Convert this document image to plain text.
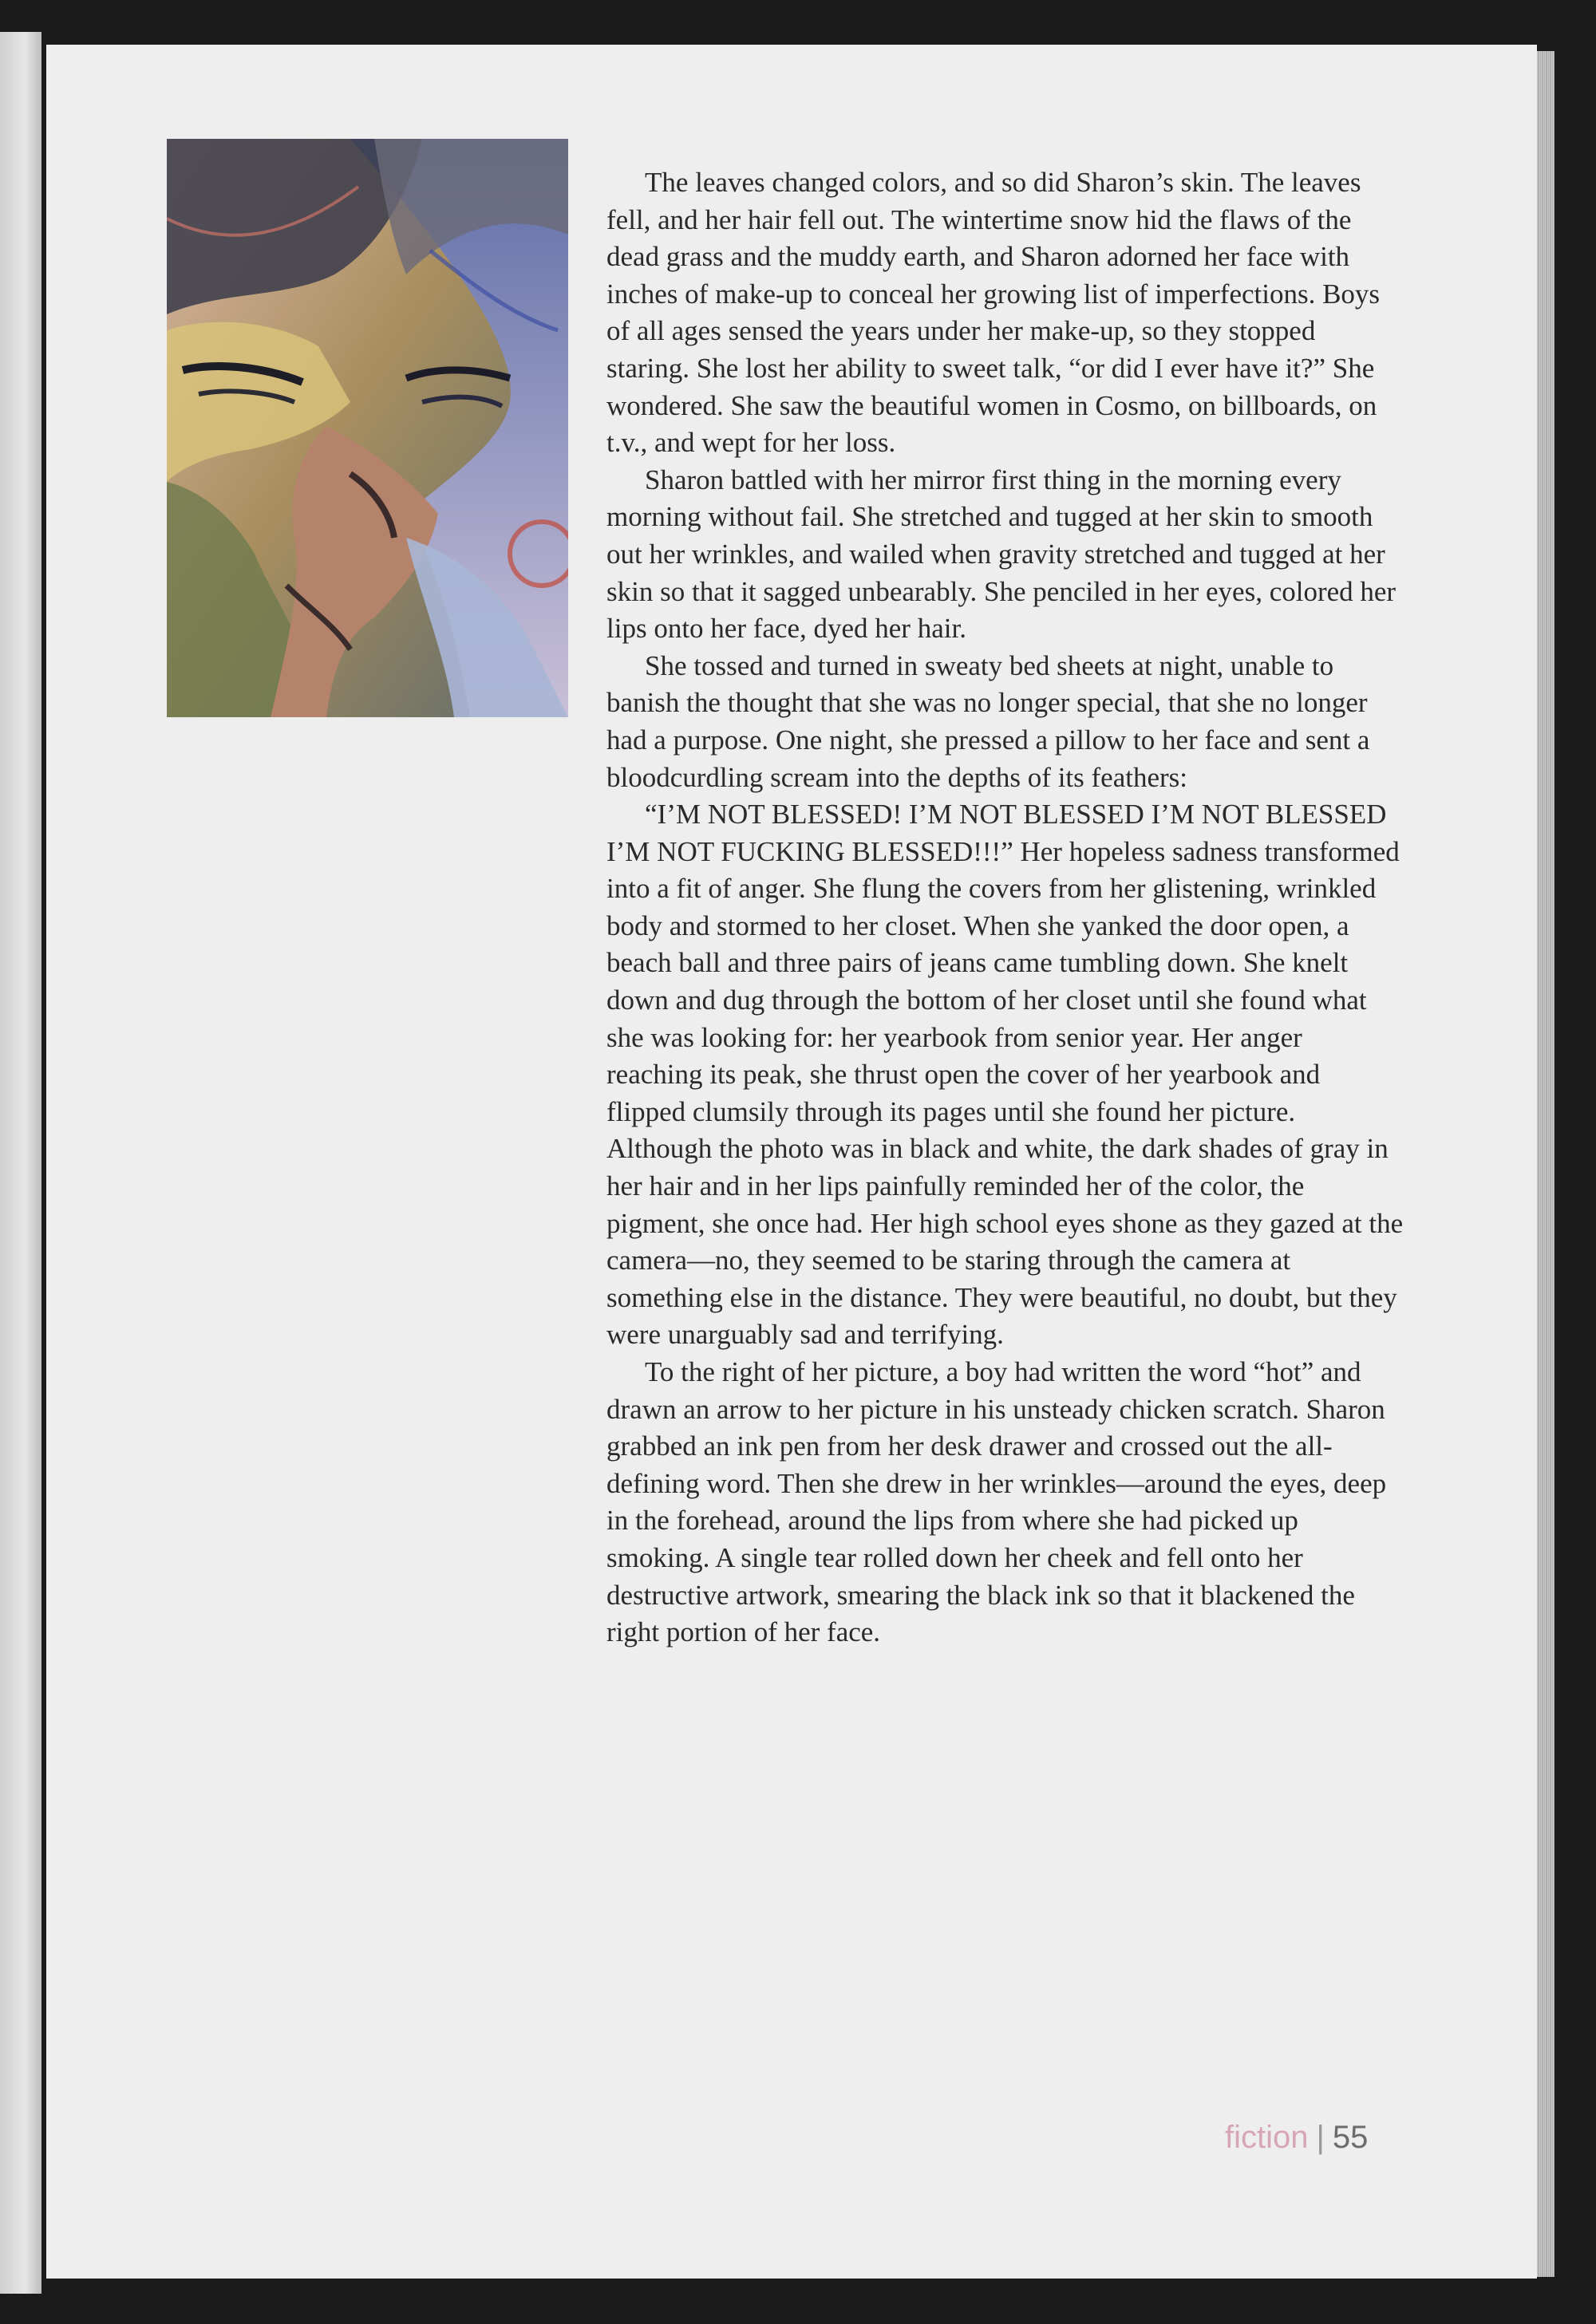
The leaves changed colors, and so did Sharon’s skin. The leaves fell, and her hair fell out. The wintertime snow hid the flaws of the dead grass and the muddy earth, and Sharon adorned her face with inches of make-up to conceal her growing list of imperfections. Boys of all ages sensed the years under her make-up, so they stopped staring. She lost her ability to sweet talk, “or did I ever have it?” She wondered. She saw the beautiful women in Cosmo, on billboards, on t.v., and wept for her loss.

Sharon battled with her mirror first thing in the morning every morning without fail. She stretched and tugged at her skin to smooth out her wrinkles, and wailed when gravity stretched and tugged at her skin so that it sagged unbearably. She penciled in her eyes, colored her lips onto her face, dyed her hair.

She tossed and turned in sweaty bed sheets at night, unable to banish the thought that she was no longer special, that she no longer had a purpose. One night, she pressed a pillow to her face and sent a bloodcurdling scream into the depths of its feathers:

“I’M NOT BLESSED! I’M NOT BLESSED I’M NOT BLESSED I’M NOT FUCKING BLESSED!!!” Her hopeless sadness transformed into a fit of anger. She flung the covers from her glistening, wrinkled body and stormed to her closet. When she yanked the door open, a beach ball and three pairs of jeans came tumbling down. She knelt down and dug through the bottom of her closet until she found what she was looking for: her yearbook from senior year. Her anger reaching its peak, she thrust open the cover of her yearbook and flipped clumsily through its pages until she found her picture. Although the photo was in black and white, the dark shades of gray in her hair and in her lips painfully reminded her of the color, the pigment, she once had. Her high school eyes shone as they gazed at the camera—no, they seemed to be staring through the camera at something else in the distance. They were beautiful, no doubt, but they were unarguably sad and terrifying.

To the right of her picture, a boy had written the word “hot” and drawn an arrow to her picture in his unsteady chicken scratch. Sharon grabbed an ink pen from her desk drawer and crossed out the all-defining word. Then she drew in her wrinkles—around the eyes, deep in the forehead, around the lips from where she had picked up smoking. A single tear rolled down her cheek and fell onto her destructive artwork, smearing the black ink so that it blackened the right portion of her face.

fiction | 55
